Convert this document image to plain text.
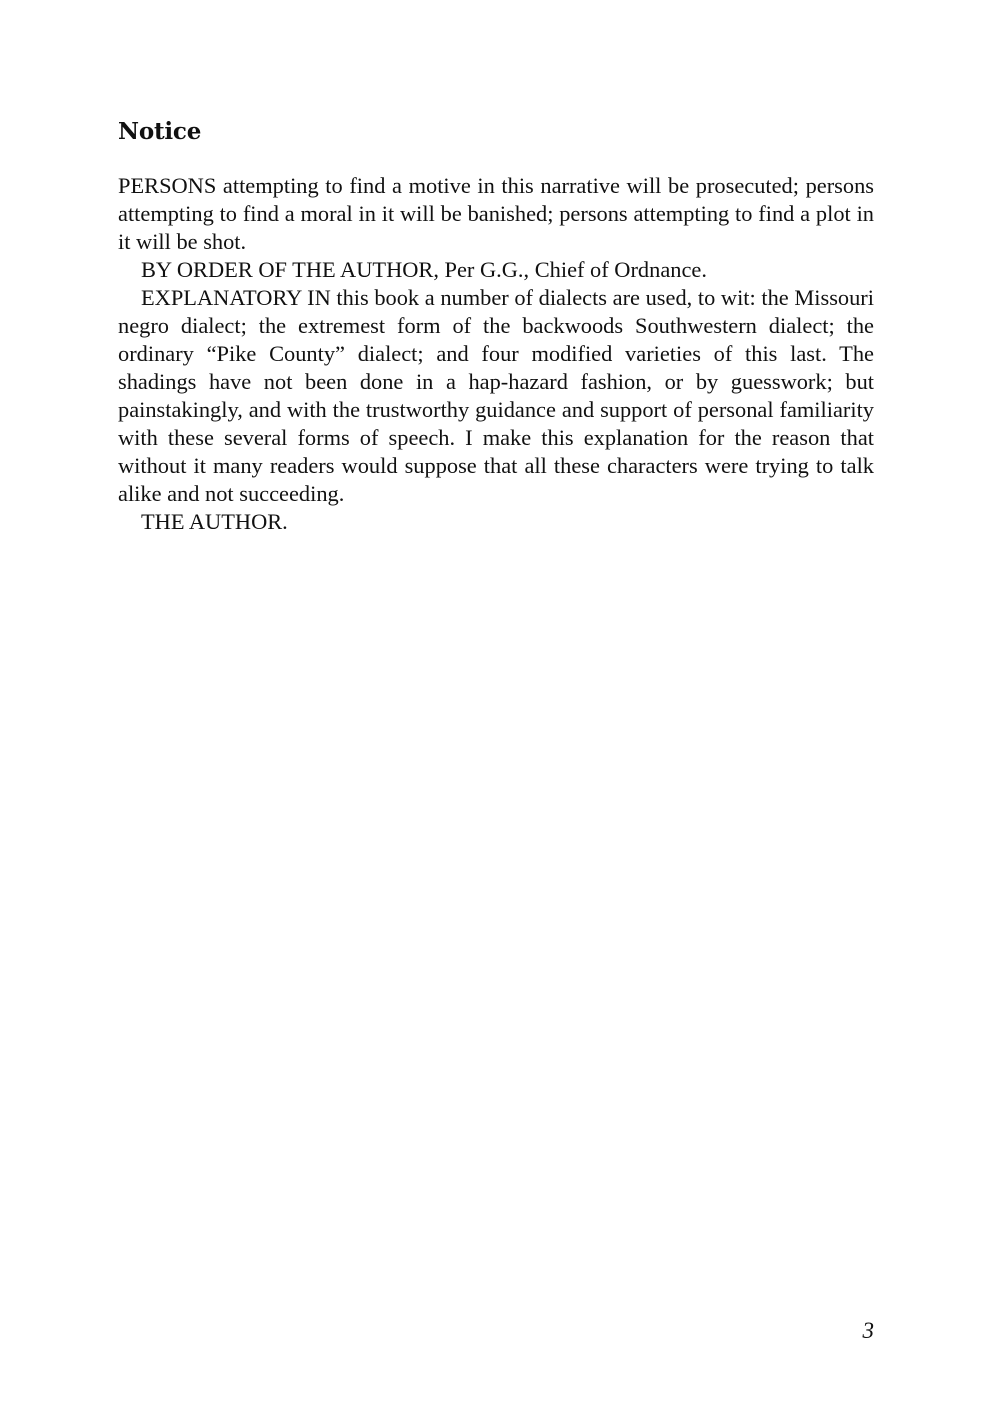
Notice

PERSONS attempting to find a motive in this narrative will be prosecuted; persons attempting to find a moral in it will be banished; persons attempting to find a plot in it will be shot.

BY ORDER OF THE AUTHOR, Per G.G., Chief of Ordnance.

EXPLANATORY IN this book a number of dialects are used, to wit: the Missouri negro dialect; the extremest form of the backwoods Southwestern dialect; the ordinary “Pike County” dialect; and four modified varieties of this last. The shadings have not been done in a hap-hazard fashion, or by guesswork; but painstakingly, and with the trustworthy guidance and support of personal familiarity with these several forms of speech. I make this explanation for the reason that without it many readers would suppose that all these characters were trying to talk alike and not succeeding.

THE AUTHOR.

3
